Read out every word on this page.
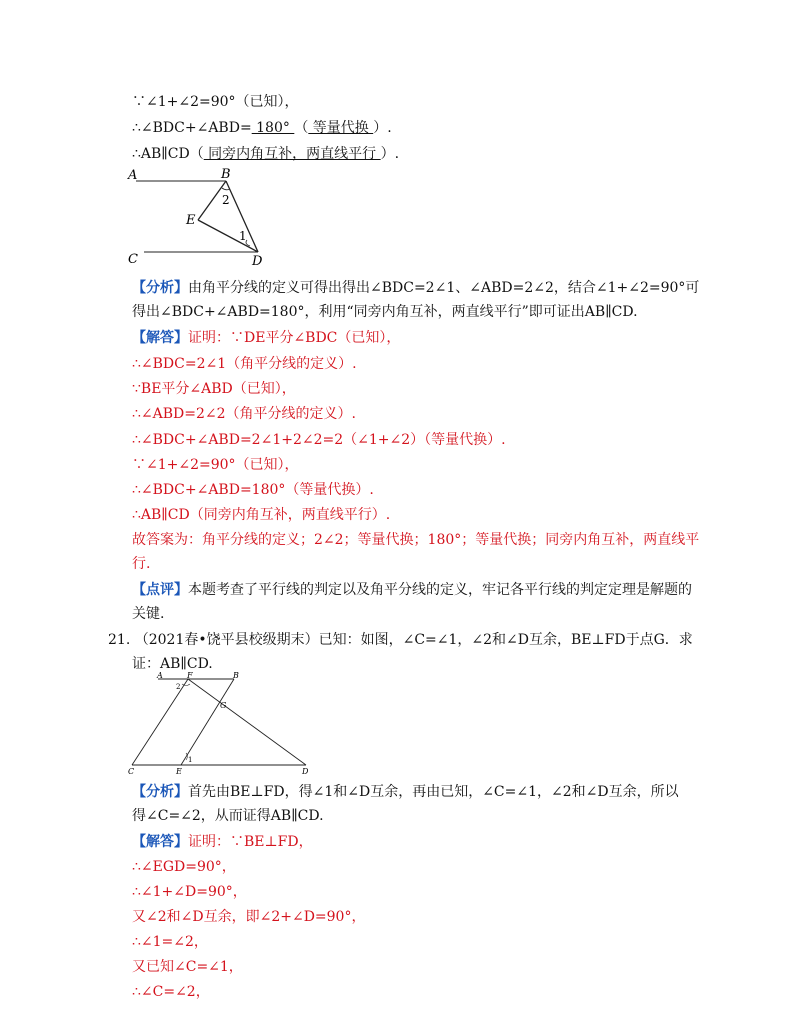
∵∠1+∠2=90°（已知），
∴∠BDC+∠ABD= 180° （ 等量代换 ）.
∴AB∥CD（ 同旁内角互补，两直线平行 ）.
A	B
C	D
E
1
2
【分析】由角平分线的定义可得出得出∠BDC=2∠1、∠ABD=2∠2，结合∠1+∠2=90°可
得出∠BDC+∠ABD=180°，利用“同旁内角互补，两直线平行”即可证出AB∥CD.
【解答】证明：∵DE平分∠BDC（已知），
∴∠BDC=2∠1（角平分线的定义）.
∵BE平分∠ABD（已知），
∴∠ABD=2∠2（角平分线的定义）.
∴∠BDC+∠ABD=2∠1+2∠2=2（∠1+∠2）（等量代换）.
∵∠1+∠2=90°（已知），
∴∠BDC+∠ABD=180°（等量代换）.
∴AB∥CD（同旁内角互补，两直线平行）.
故答案为：角平分线的定义；2∠2；等量代换；180°；等量代换；同旁内角互补，两直线平
行.
【点评】本题考查了平行线的判定以及角平分线的定义，牢记各平行线的判定定理是解题的
关键.
21. （2021春•饶平县校级期末）已知：如图，∠C=∠1，∠2和∠D互余，BE⊥FD于点G．求
证：AB∥CD.
A	F	B
G
C	E	D
1
2
【分析】首先由BE⊥FD，得∠1和∠D互余，再由已知，∠C=∠1，∠2和∠D互余，所以
得∠C=∠2，从而证得AB∥CD.
【解答】证明：∵BE⊥FD，
∴∠EGD=90°，
∴∠1+∠D=90°，
又∠2和∠D互余，即∠2+∠D=90°，
∴∠1=∠2，
又已知∠C=∠1，
∴∠C=∠2，
